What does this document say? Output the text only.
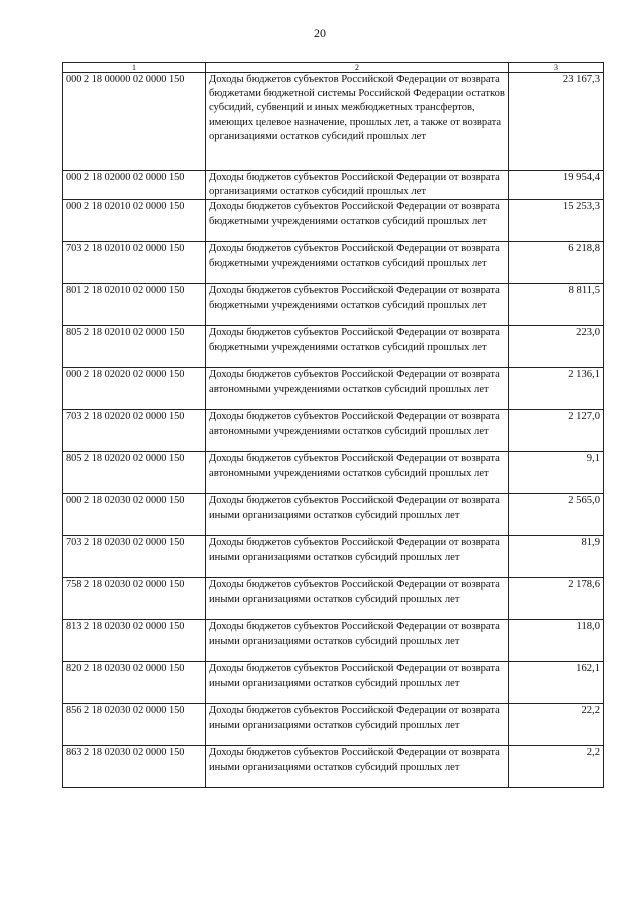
20
1	2	3
000 2 18 00000 02 0000 150	Доходы бюджетов субъектов Российской Федерации от возврата бюджетами бюджетной системы Российской Федерации остатков субсидий, субвенций и иных межбюджетных трансфертов, имеющих целевое назначение, прошлых лет, а также от возврата организациями остатков субсидий прошлых лет	23 167,3
000 2 18 02000 02 0000 150	Доходы бюджетов субъектов Российской Федерации от возврата организациями остатков субсидий прошлых лет	19 954,4
000 2 18 02010 02 0000 150	Доходы бюджетов субъектов Российской Федерации от возврата бюджетными учреждениями остатков субсидий прошлых лет	15 253,3
703 2 18 02010 02 0000 150	Доходы бюджетов субъектов Российской Федерации от возврата бюджетными учреждениями остатков субсидий прошлых лет	6 218,8
801 2 18 02010 02 0000 150	Доходы бюджетов субъектов Российской Федерации от возврата бюджетными учреждениями остатков субсидий прошлых лет	8 811,5
805 2 18 02010 02 0000 150	Доходы бюджетов субъектов Российской Федерации от возврата бюджетными учреждениями остатков субсидий прошлых лет	223,0
000 2 18 02020 02 0000 150	Доходы бюджетов субъектов Российской Федерации от возврата автономными учреждениями остатков субсидий прошлых лет	2 136,1
703 2 18 02020 02 0000 150	Доходы бюджетов субъектов Российской Федерации от возврата автономными учреждениями остатков субсидий прошлых лет	2 127,0
805 2 18 02020 02 0000 150	Доходы бюджетов субъектов Российской Федерации от возврата автономными учреждениями остатков субсидий прошлых лет	9,1
000 2 18 02030 02 0000 150	Доходы бюджетов субъектов Российской Федерации от возврата иными организациями остатков субсидий прошлых лет	2 565,0
703 2 18 02030 02 0000 150	Доходы бюджетов субъектов Российской Федерации от возврата иными организациями остатков субсидий прошлых лет	81,9
758 2 18 02030 02 0000 150	Доходы бюджетов субъектов Российской Федерации от возврата иными организациями остатков субсидий прошлых лет	2 178,6
813 2 18 02030 02 0000 150	Доходы бюджетов субъектов Российской Федерации от возврата иными организациями остатков субсидий прошлых лет	118,0
820 2 18 02030 02 0000 150	Доходы бюджетов субъектов Российской Федерации от возврата иными организациями остатков субсидий прошлых лет	162,1
856 2 18 02030 02 0000 150	Доходы бюджетов субъектов Российской Федерации от возврата иными организациями остатков субсидий прошлых лет	22,2
863 2 18 02030 02 0000 150	Доходы бюджетов субъектов Российской Федерации от возврата иными организациями остатков субсидий прошлых лет	2,2
